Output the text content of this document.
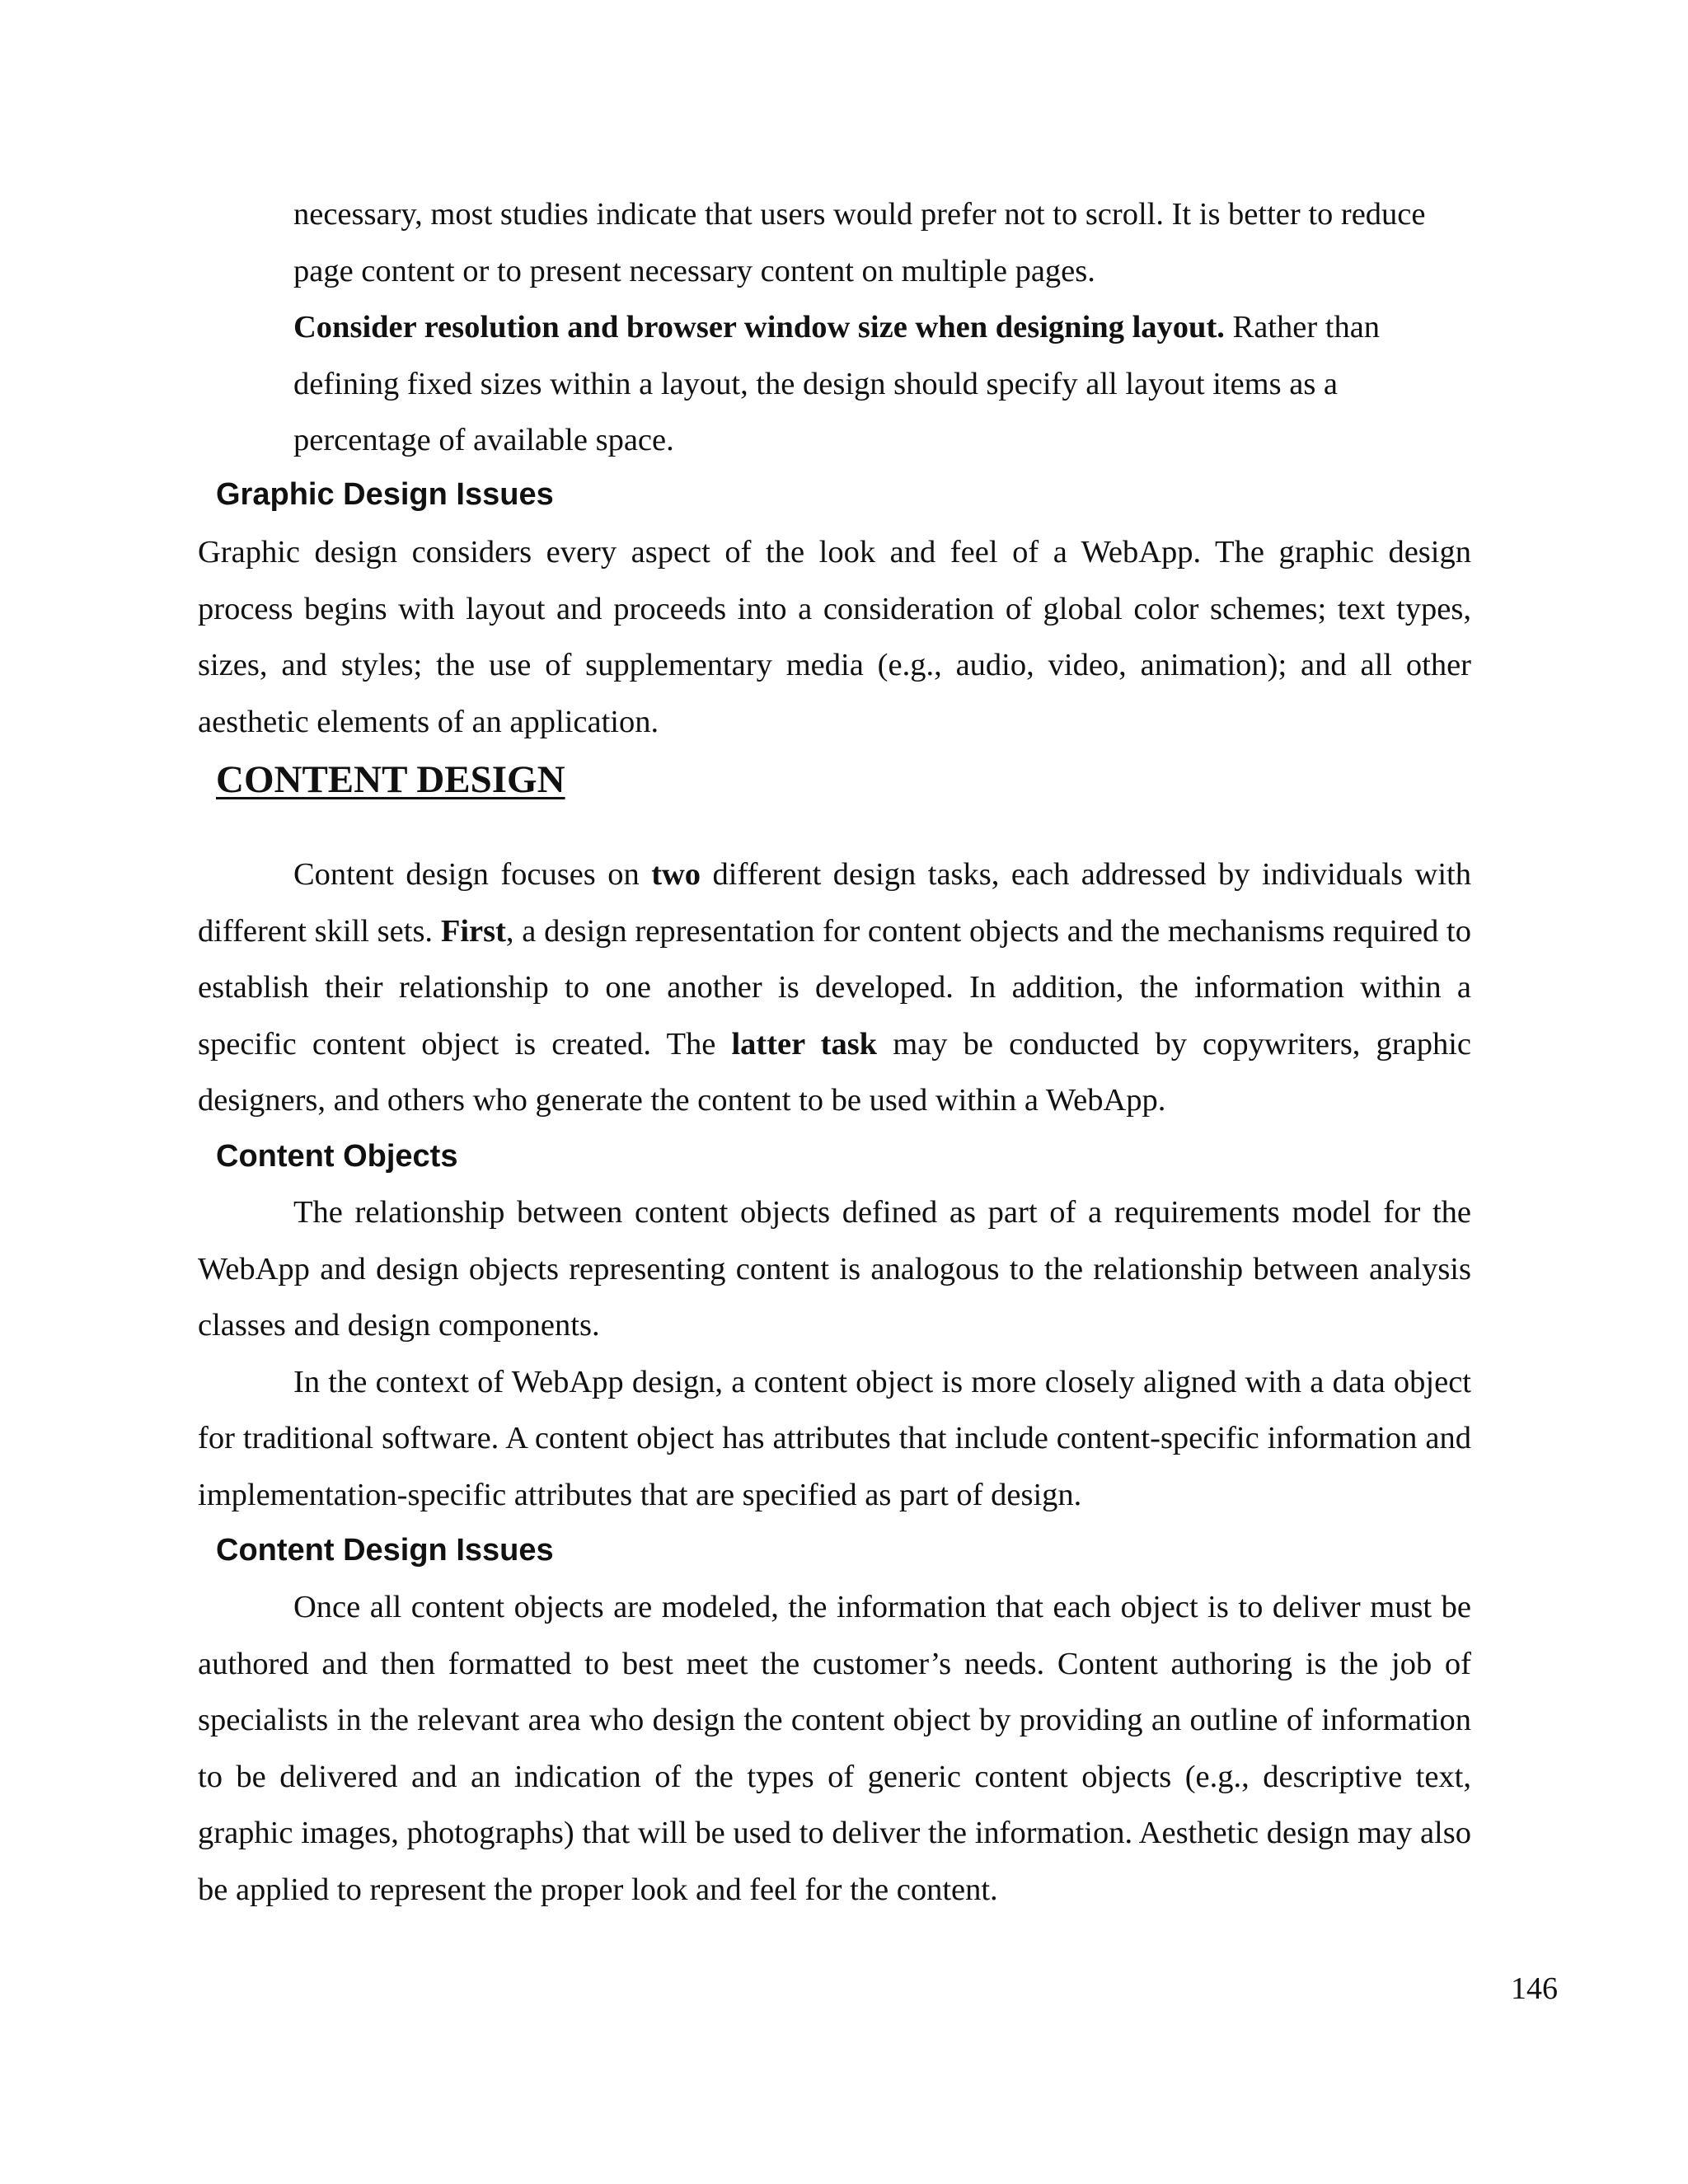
necessary, most studies indicate that users would prefer not to scroll. It is better to reduce

page content or to present necessary content on multiple pages.

Consider resolution and browser window size when designing layout. Rather than

defining fixed sizes within a layout, the design should specify all layout items as a

percentage of available space.

Graphic Design Issues

Graphic design considers every aspect of the look and feel of a WebApp. The graphic design process begins with layout and proceeds into a consideration of global color schemes; text types, sizes, and styles; the use of supplementary media (e.g., audio, video, animation); and all other aesthetic elements of an application.

CONTENT DESIGN

Content design focuses on two different design tasks, each addressed by individuals with different skill sets. First, a design representation for content objects and the mechanisms required to establish their relationship to one another is developed. In addition, the information within a specific content object is created. The latter task may be conducted by copywriters, graphic designers, and others who generate the content to be used within a WebApp.

Content Objects

The relationship between content objects defined as part of a requirements model for the WebApp and design objects representing content is analogous to the relationship between analysis classes and design components.

In the context of WebApp design, a content object is more closely aligned with a data object for traditional software. A content object has attributes that include content-specific information and implementation-specific attributes that are specified as part of design.

Content Design Issues

Once all content objects are modeled, the information that each object is to deliver must be authored and then formatted to best meet the customer’s needs. Content authoring is the job of specialists in the relevant area who design the content object by providing an outline of information to be delivered and an indication of the types of generic content objects (e.g., descriptive text, graphic images, photographs) that will be used to deliver the information. Aesthetic design may also be applied to represent the proper look and feel for the content.

146
